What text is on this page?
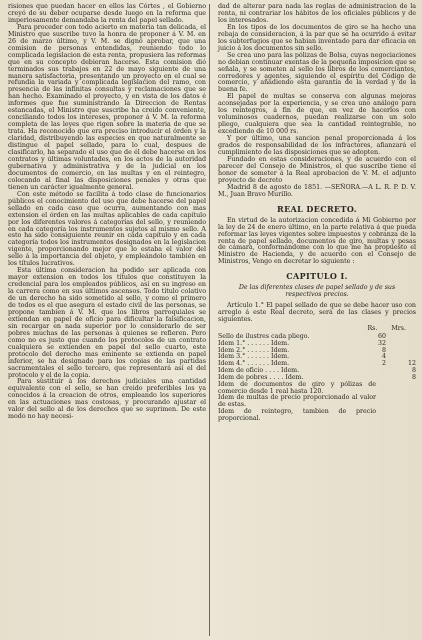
risiones que puedan hacer en ellos las Córtes , el Gobierno creyó de su deber ocuparse desde luego en la reforma que imperiosamente demandaba la renta del papel sellado.

Para proceder con todo acierto en materia tan delicada, el Ministro que suscribe tuvo la honra de proponer á V. M. en 26 de marzo último, y V. M. se dignó aprobar, que una comision de personas entendidas, reuniendo todo lo complicada legislacion de esta renta, propusiera las reformas que en su concepto debieran hacerse. Esta comision dió terminados sus trabajos en 22 de mayo siguiente de una manera satisfactoria, presentando un proyecto en el cual se refundia la variada y complicada legislacion del ramo, con presencia de las infinitas consultas y reclamaciones que se han hecho. Examinado el proyecto, y en vista de los datos é informes que fue suministrando la Direccion de Rentas estancadas, el Ministro que suscribe ha creido conveniente, conciliando todos los intereses, proponer á V. M. la reforma completa de las leyes que rigen sobre la materia de que se trata. Ha reconocido que era preciso introducir el órden y la claridad, distribuyendo las especies en que naturalmente se distingue el papel sellado, para lo cual, despues de clasificarlo, ha separado el uso que de él debe hacerse en los contratos y últimas voluntades, en los actos de la autoridad gubernativa y administrativa y de la judicial en los documentos de comercio, en las multas y en el reintegro, colocando al final las disposiciones penales y otras que tienen un carácter igualmente general.

Con este método se facilita á todo clase de funcionarios públicos el conocimiento del uso que debe hacerse del papel sellado en cada caso que ocurra, aumentando con mas extension el órden en las multas aplicables de cada capítulo por los diferentes valores á categorías del sello, y reuniendo en cada categoría los instrumentos sujetos al mismo sello. A esto ha sido consiguiente reunir en cada capítulo y en cada categoría todos los instrumentos designados en la legislacion vigente, proporcionando mejor que lo estaba el valor del sello á la importancia del objeto, y empleándolo también en los títulos lucrativos.

Esta última consideracion ha podido ser aplicada con mayor extension en todos los títulos que constituyen la credencial para los empleados públicos, así en su ingreso en la carrera como en sus últimos ascensos. Todo título colativo de un derecho ha sido sometido al sello, y como el primero de todos es el que asegura el estado civil de las personas, se propone tambien á V. M. que los libros parroquiales se extiendan en papel de oficio para dificultar la falsificacion, sin recargar en nada superior por lo considerarlo de ser pobres muchas de las personas á quienes se refieren. Pero como no es justo que cuando los protocolos de un contrato cualquiera se extienden en papel del sello cuarto, este protocolo del derecho mas eminente se extienda en papel inferior, se ha designado para los copias de las partidas sacramentales el sello tercero, que representará así el del protocolo y el de la copia.

Para sustituir á los derechos judiciales una cantidad equivalente con el sello, se han creido preferibles los ya conocidos á la creacion de otros, empleando los superiores en las actuaciones mas costosas, y procurando ajustar el valor del sello al de los derechos que se suprimen. De este modo no hay necesi-

dad de alterar para nada las reglas de administracion de la renta, ni contrariar los hábitos de los oficiales públicos y de los interesados.

En los tipos de los documentos de giro se ha hecho una rebaja de consideracion, á la par que se ha ocurrido á evitar los subterfugios que se habian inventado para dar eficacia en juicio á los documentos sin sello.

Se crea uno para las pólizas de Bolsa, cuyas negociaciones no debian continuar exentas de la pequeña imposicion que se señala, y se someten al sello los libros de los comerciantes, corredores y agentes, siguiendo el espíritu del Código de comercio, y añadiendo esta garantía de la verdad y de la buena fe.

El papel de multas se conserva con algunas mejoras aconsejadas por la experiencia, y se crea uno análogo para los reintegros, á fin de que, en vez de hacerlos con voluminosos cuadernos, puedan realizarse con un solo pliego, cualquiera que sea la cantidad reintegrable, no excediendo de 10 000 rs.

Y por último, una sancion penal proporcionada á los grados de responsabilidad de los infractores, afianzará el cumplimiento de las disposiciones que se adopten.

Fundado en estas consideraciones, y de acuerdo con el parecer del Consejo de Ministros, el que suscribe tiene el honor de someter á la Real aprobacion de V. M. el adjunto proyecto de decreto

Madrid 8 de agosto de 1851. —SEÑORA.—A L. R. P. D. V. M., Juan Bravo Murillo.

REAL DECRETO.

En virtud de la autorizacion concedida á Mi Gobierno por la ley de 24 de enero último, en la parte relativa á que pueda reformar las leyes vigentes sobre impuestos y cobranza de la renta de papel sellado, documentos de giro, multas y pesas de cámara, conformándome con lo que me ha propuesto el Ministro de Hacienda, y de acuerdo con el Consejo de Ministros, Vengo en decretar lo siguiente :

CAPITULO I.
De las diferentes clases de papel sellado y de sus respectivos precios.

Artículo 1.° El papel sellado de que se debe hacer uso con arreglo á este Real decreto, será de las clases y precios siguientes.

Rs. Mrs.
Sello de ilustres cada pliego.	60	
Idem 1.° . . . . . . Idem.	32	
Idem 2.° . . . . . . Idem.	8	
Idem 3.° . . . . . . Idem.	4	
Idem 4.° . . . . . . Idem.	2	12
Idem de oficio . . . . Idem.		8
Idem de pobres . . . . Idem.		8
Idem de documentos de giro y pólizas de comercio desde 1 real hasta 120.		
Idem de multas de precio proporcionado al valor de estas.		
Idem de reintegro, tambien de precio proporcional.		
